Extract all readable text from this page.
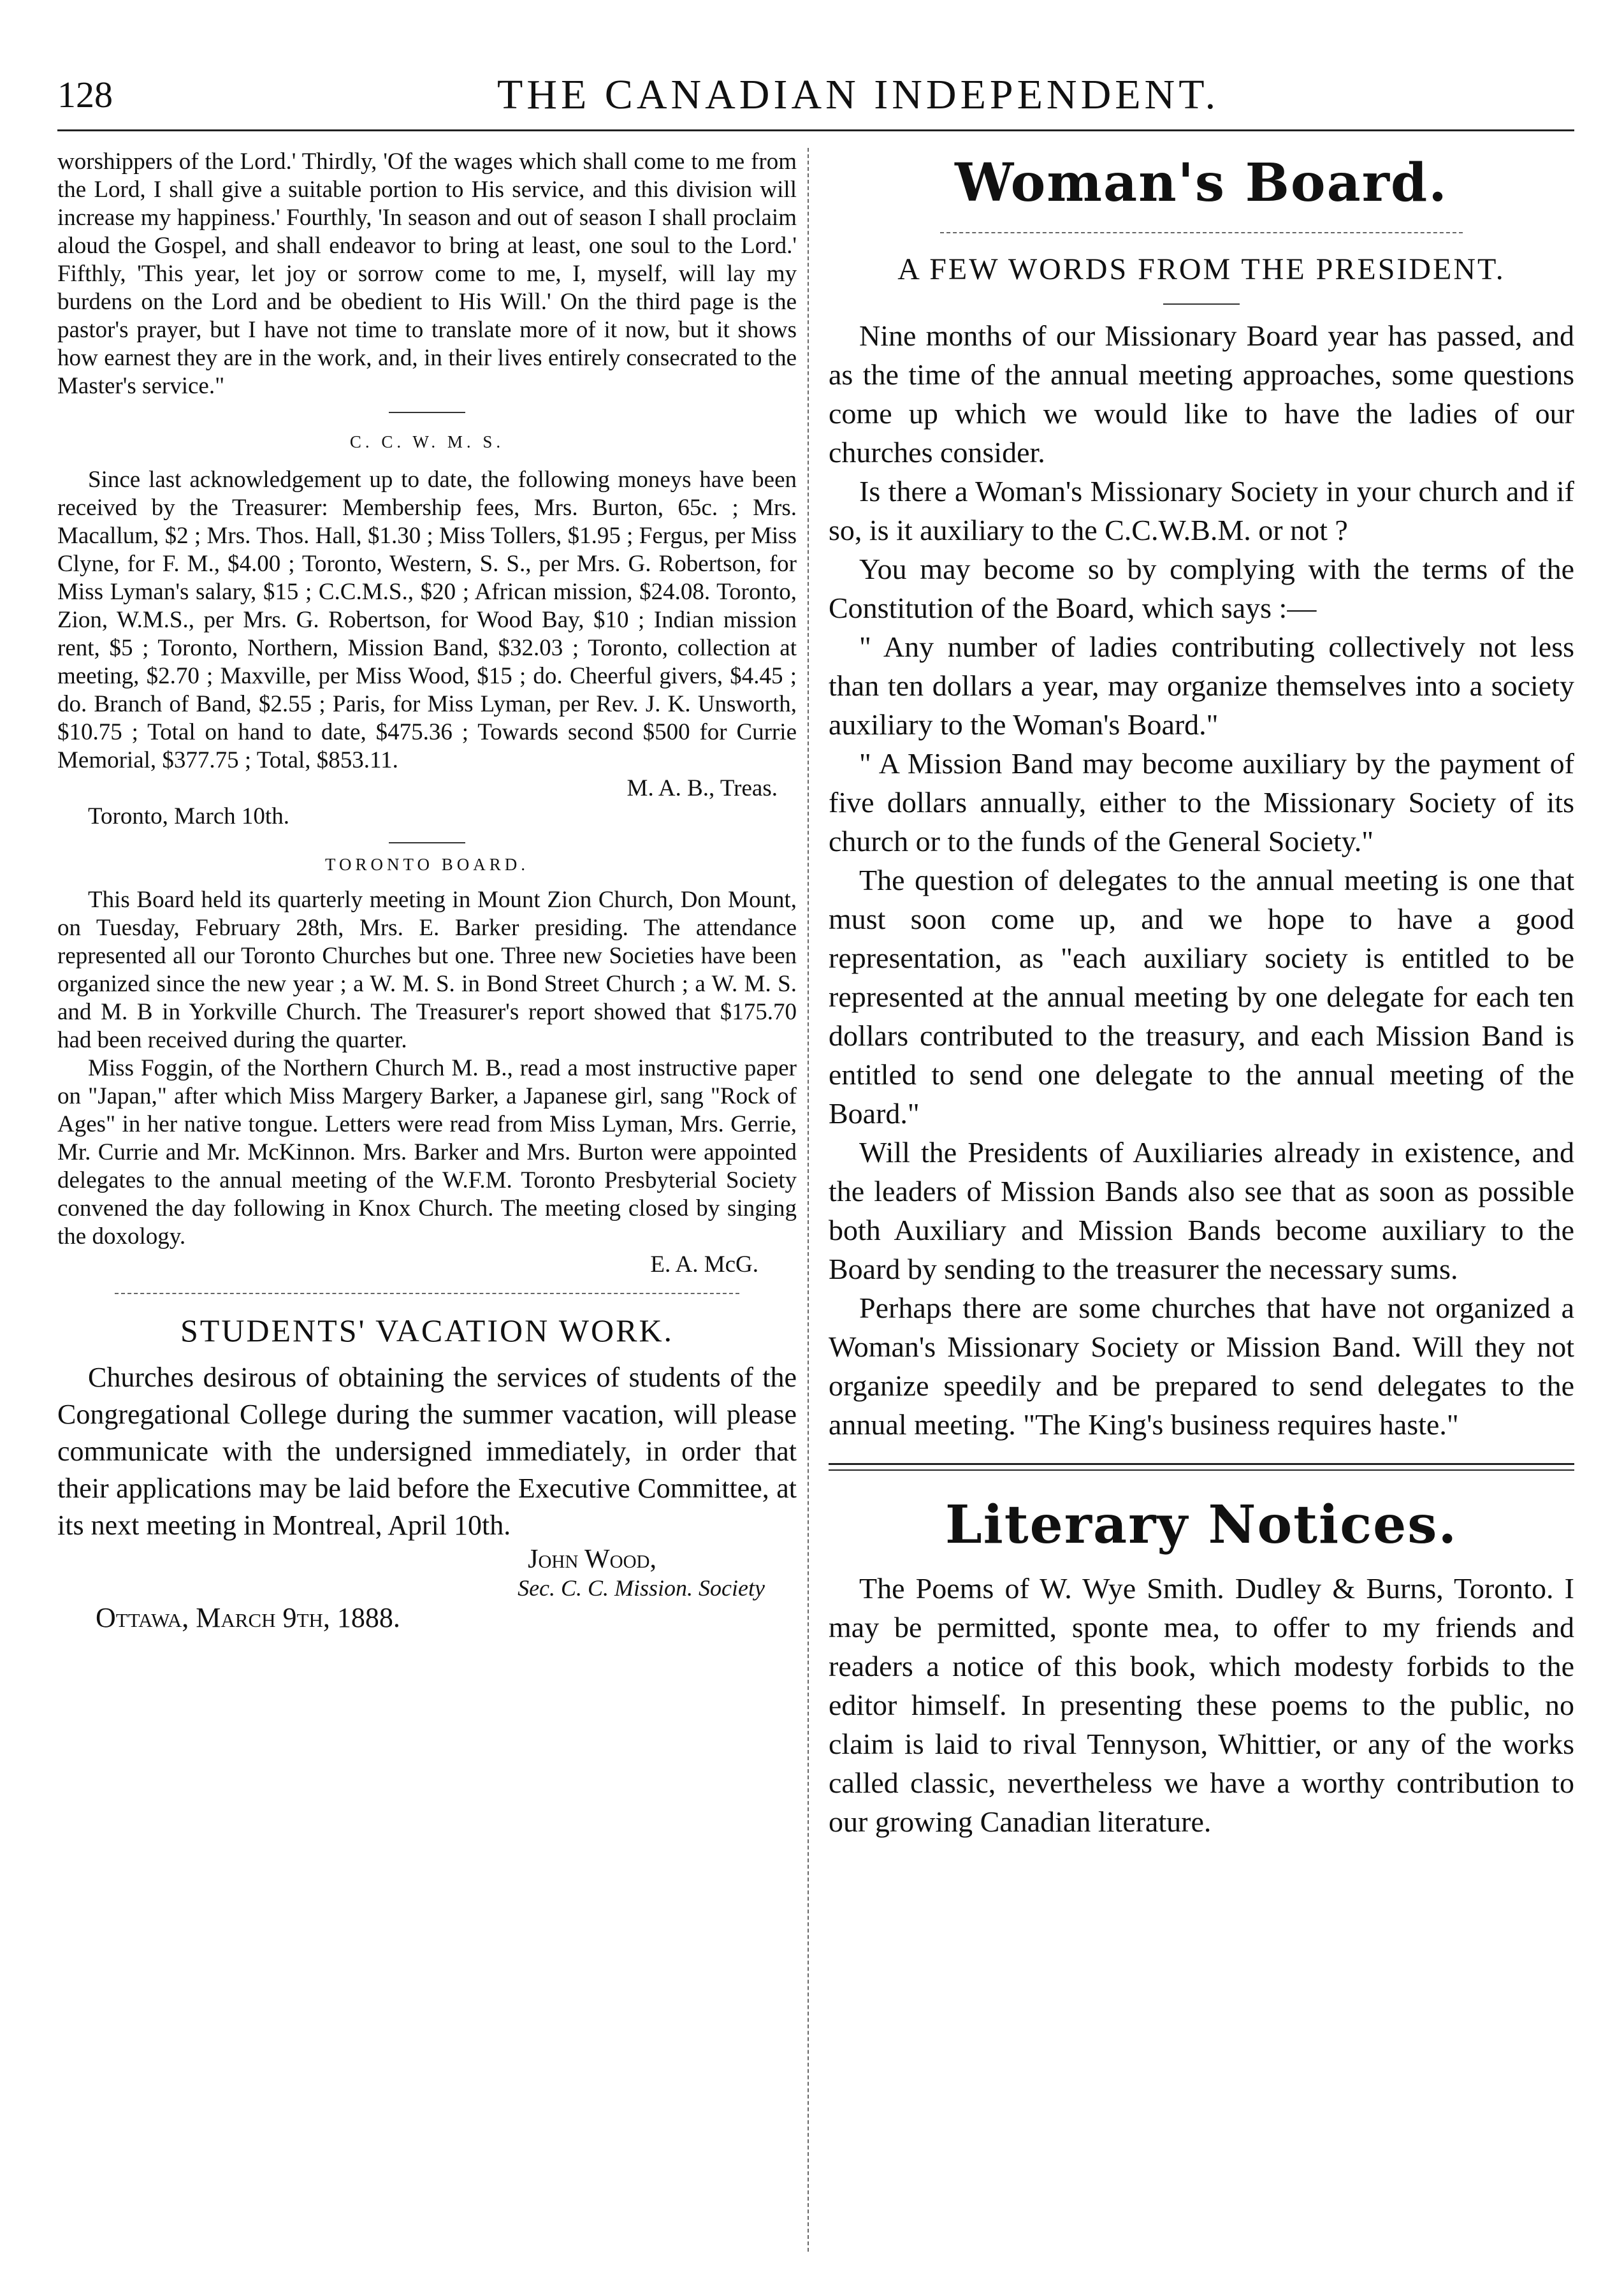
128	THE CANADIAN INDEPENDENT.

worshippers of the Lord.' Thirdly, 'Of the wages which shall come to me from the Lord, I shall give a suitable portion to His service, and this division will increase my happiness.' Fourthly, 'In season and out of season I shall proclaim aloud the Gospel, and shall endeavor to bring at least, one soul to the Lord.' Fifthly, 'This year, let joy or sorrow come to me, I, myself, will lay my burdens on the Lord and be obedient to His Will.' On the third page is the pastor's prayer, but I have not time to translate more of it now, but it shows how earnest they are in the work, and, in their lives entirely consecrated to the Master's service."

C. C. W. M. S.

Since last acknowledgement up to date, the following moneys have been received by the Treasurer: Membership fees, Mrs. Burton, 65c. ; Mrs. Macallum, $2 ; Mrs. Thos. Hall, $1.30 ; Miss Tollers, $1.95 ; Fergus, per Miss Clyne, for F. M., $4.00 ; Toronto, Western, S. S., per Mrs. G. Robertson, for Miss Lyman's salary, $15 ; C.C.M.S., $20 ; African mission, $24.08. Toronto, Zion, W.M.S., per Mrs. G. Robertson, for Wood Bay, $10 ; Indian mission rent, $5 ; Toronto, Northern, Mission Band, $32.03 ; Toronto, collection at meeting, $2.70 ; Maxville, per Miss Wood, $15 ; do. Cheerful givers, $4.45 ; do. Branch of Band, $2.55 ; Paris, for Miss Lyman, per Rev. J. K. Unsworth, $10.75 ; Total on hand to date, $475.36 ; Towards second $500 for Currie Memorial, $377.75 ; Total, $853.11.

M. A. B., Treas.

Toronto, March 10th.

TORONTO BOARD.

This Board held its quarterly meeting in Mount Zion Church, Don Mount, on Tuesday, February 28th, Mrs. E. Barker presiding. The attendance represented all our Toronto Churches but one. Three new Societies have been organized since the new year ; a W. M. S. in Bond Street Church ; a W. M. S. and M. B in Yorkville Church. The Treasurer's report showed that $175.70 had been received during the quarter.

Miss Foggin, of the Northern Church M. B., read a most instructive paper on "Japan," after which Miss Margery Barker, a Japanese girl, sang "Rock of Ages" in her native tongue. Letters were read from Miss Lyman, Mrs. Gerrie, Mr. Currie and Mr. McKinnon. Mrs. Barker and Mrs. Burton were appointed delegates to the annual meeting of the W.F.M. Toronto Presbyterial Society convened the day following in Knox Church. The meeting closed by singing the doxology.

E. A. McG.

STUDENTS' VACATION WORK.

Churches desirous of obtaining the services of students of the Congregational College during the summer vacation, will please communicate with the undersigned immediately, in order that their applications may be laid before the Executive Committee, at its next meeting in Montreal, April 10th.

John Wood,

Sec. C. C. Mission. Society

Ottawa, March 9th, 1888.

Woman's Board.

A FEW WORDS FROM THE PRESIDENT.

Nine months of our Missionary Board year has passed, and as the time of the annual meeting approaches, some questions come up which we would like to have the ladies of our churches consider.

Is there a Woman's Missionary Society in your church and if so, is it auxiliary to the C.C.W.B.M. or not ?

You may become so by complying with the terms of the Constitution of the Board, which says :—

" Any number of ladies contributing collectively not less than ten dollars a year, may organize themselves into a society auxiliary to the Woman's Board."

" A Mission Band may become auxiliary by the payment of five dollars annually, either to the Missionary Society of its church or to the funds of the General Society."

The question of delegates to the annual meeting is one that must soon come up, and we hope to have a good representation, as "each auxiliary society is entitled to be represented at the annual meeting by one delegate for each ten dollars contributed to the treasury, and each Mission Band is entitled to send one delegate to the annual meeting of the Board."

Will the Presidents of Auxiliaries already in existence, and the leaders of Mission Bands also see that as soon as possible both Auxiliary and Mission Bands become auxiliary to the Board by sending to the treasurer the necessary sums.

Perhaps there are some churches that have not organized a Woman's Missionary Society or Mission Band. Will they not organize speedily and be prepared to send delegates to the annual meeting. "The King's business requires haste."

Literary Notices.

The Poems of W. Wye Smith. Dudley & Burns, Toronto. I may be permitted, sponte mea, to offer to my friends and readers a notice of this book, which modesty forbids to the editor himself. In presenting these poems to the public, no claim is laid to rival Tennyson, Whittier, or any of the works called classic, nevertheless we have a worthy contribution to our growing Canadian literature.
